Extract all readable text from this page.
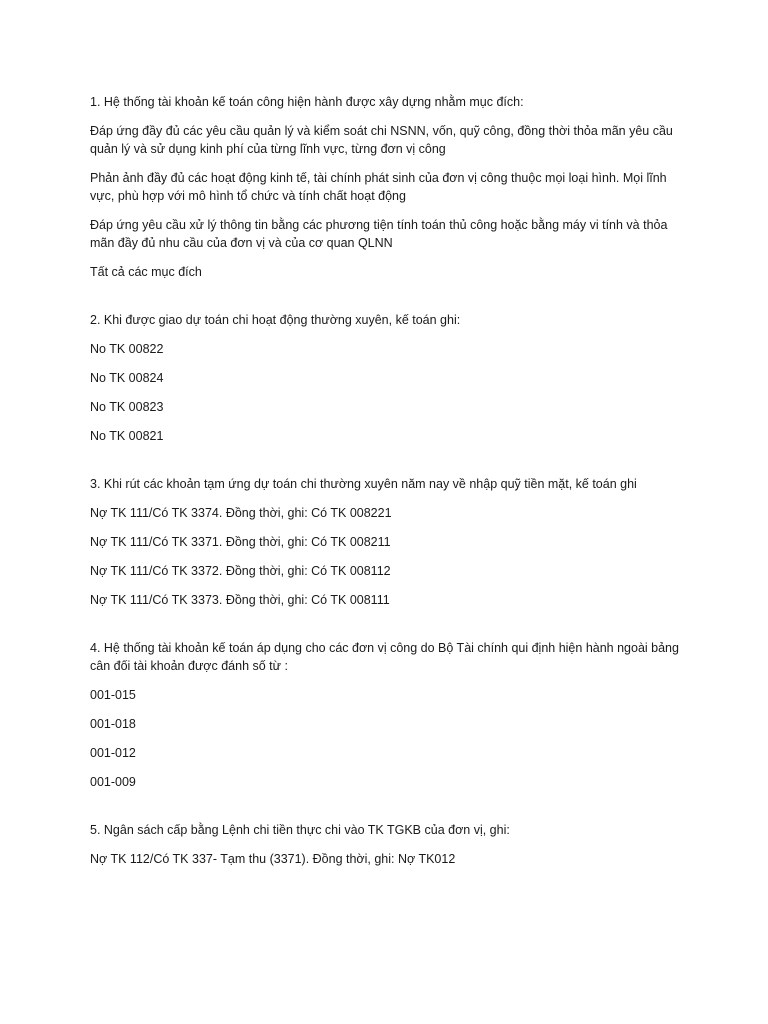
1. Hệ thống tài khoản kế toán công hiện hành được xây dựng nhằm mục đích:

Đáp ứng đầy đủ các yêu cầu quản lý và kiểm soát chi NSNN, vốn, quỹ công, đồng thời thỏa mãn yêu cầu quản lý và sử dụng kinh phí của từng lĩnh vực, từng đơn vị công

Phản ảnh đầy đủ các hoạt động kinh tế, tài chính phát sinh của đơn vị công thuộc mọi loại hình. Mọi lĩnh vực, phù hợp với mô hình tổ chức và tính chất hoạt động

Đáp ứng yêu cầu xử lý thông tin bằng các phương tiện tính toán thủ công hoặc bằng máy vi tính và thỏa mãn đầy đủ nhu cầu của đơn vị và của cơ quan QLNN

Tất cả các mục đích

2. Khi được giao dự toán chi hoạt động thường xuyên, kế toán ghi:

No TK 00822

No TK 00824

No TK 00823

No TK 00821

3. Khi rút các khoản tạm ứng dự toán chi thường xuyên năm nay về nhập quỹ tiền mặt, kế toán ghi

Nợ TK 111/Có TK 3374. Đồng thời, ghi: Có TK 008221

Nợ TK 111/Có TK 3371. Đồng thời, ghi: Có TK 008211

Nợ TK 111/Có TK 3372. Đồng thời, ghi: Có TK 008112

Nợ TK 111/Có TK 3373. Đồng thời, ghi: Có TK 008111

4. Hệ thống tài khoản kế toán áp dụng cho các đơn vị công do Bộ Tài chính qui định hiện hành ngoài bảng cân đối tài khoản được đánh số từ :

001-015

001-018

001-012

001-009

5. Ngân sách cấp bằng Lệnh chi tiền thực chi vào TK TGKB của đơn vị, ghi:

Nợ TK 112/Có TK 337- Tạm thu (3371). Đồng thời, ghi: Nợ TK012
